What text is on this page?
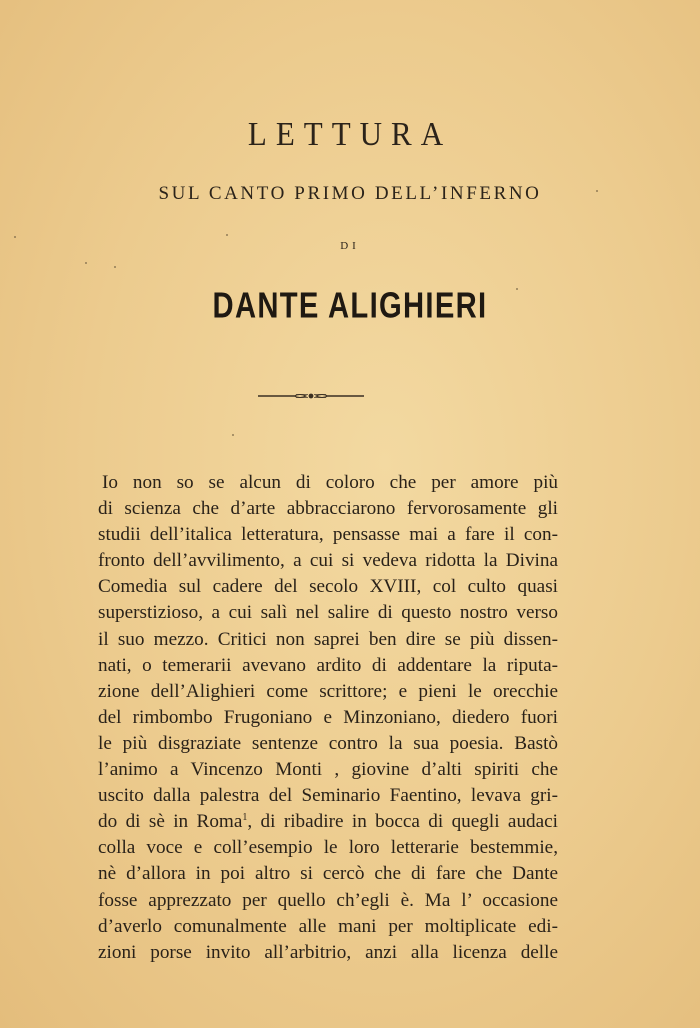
LETTURA
SUL CANTO PRIMO DELL’INFERNO
DI
DANTE ALIGHIERI
Io non so se alcun di coloro che per amore più
di scienza che d’arte abbracciarono fervorosamente gli
studii dell’italica letteratura, pensasse mai a fare il con-
fronto dell’avvilimento, a cui si vedeva ridotta la Divina
Comedia sul cadere del secolo XVIII, col culto quasi
superstizioso, a cui salì nel salire di questo nostro verso
il suo mezzo. Critici non saprei ben dire se più dissen-
nati, o temerarii avevano ardito di addentare la riputa-
zione dell’Alighieri come scrittore; e pieni le orecchie
del rimbombo Frugoniano e Minzoniano, diedero fuori
le più disgraziate sentenze contro la sua poesia. Bastò
l’animo a Vincenzo Monti , giovine d’alti spiriti che
uscito dalla palestra del Seminario Faentino, levava gri-
do di sè in Roma$^1$, di ribadire in bocca di quegli audaci
colla voce e coll’esempio le loro letterarie bestemmie,
nè d’allora in poi altro si cercò che di fare che Dante
fosse apprezzato per quello ch’egli è. Ma l’ occasione
d’averlo comunalmente alle mani per moltiplicate edi-
zioni porse invito all’arbitrio, anzi alla licenza delle
